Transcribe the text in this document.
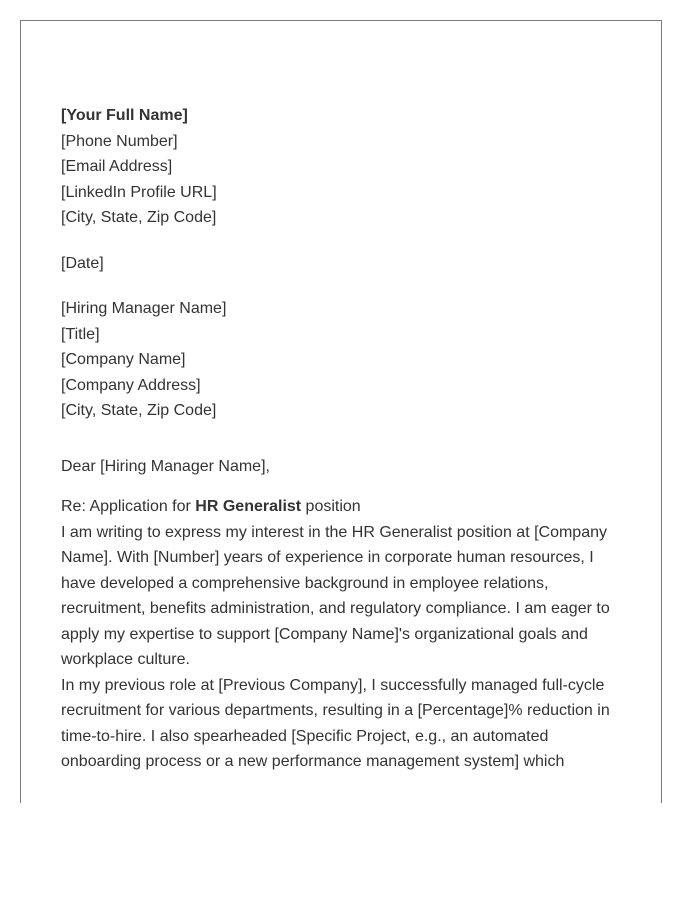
[Your Full Name]
[Phone Number]
[Email Address]
[LinkedIn Profile URL]
[City, State, Zip Code]
[Date]
[Hiring Manager Name]
[Title]
[Company Name]
[Company Address]
[City, State, Zip Code]
Dear [Hiring Manager Name],
Re: Application for HR Generalist position

I am writing to express my interest in the HR Generalist position at [Company Name]. With [Number] years of experience in corporate human resources, I have developed a comprehensive background in employee relations, recruitment, benefits administration, and regulatory compliance. I am eager to apply my expertise to support [Company Name]'s organizational goals and workplace culture.

In my previous role at [Previous Company], I successfully managed full-cycle recruitment for various departments, resulting in a [Percentage]% reduction in time-to-hire. I also spearheaded [Specific Project, e.g., an automated onboarding process or a new performance management system] which
